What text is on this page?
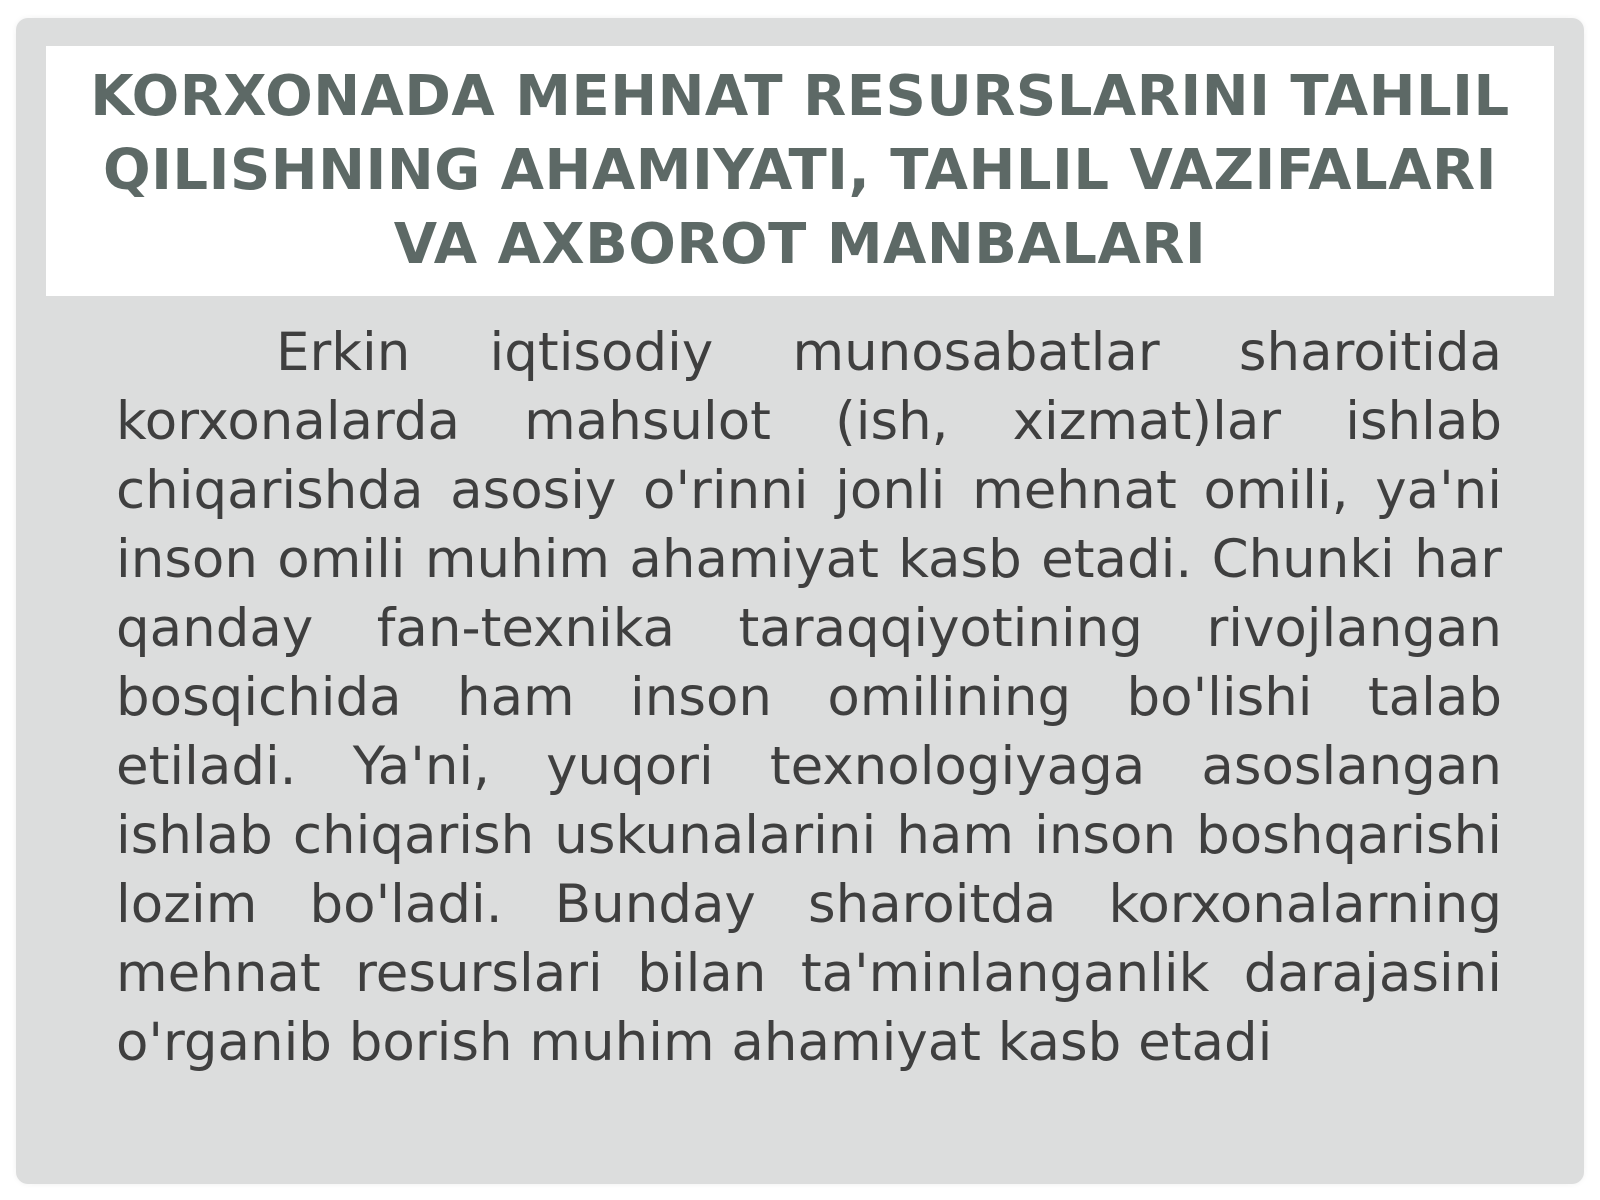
KORXONADA MEHNAT RESURSLARINI TAHLIL QILISHNING AHAMIYATI, TAHLIL VAZIFALARI VA AXBOROT MANBALARI

Erkin iqtisodiy munosabatlar sharoitida korxonalarda mahsulot (ish, xizmat)lar ishlab chiqarishda asosiy o'rinni jonli mehnat omili, ya'ni inson omili muhim ahamiyat kasb etadi. Chunki har qanday fan-texnika taraqqiyotining rivojlangan bosqichida ham inson omilining bo'lishi talab etiladi. Ya'ni, yuqori texnologiyaga asoslangan ishlab chiqarish uskunalarini ham inson boshqarishi lozim bo'ladi. Bunday sharoitda korxonalarning mehnat resurslari bilan ta'minlanganlik darajasini o'rganib borish muhim ahamiyat kasb etadi
